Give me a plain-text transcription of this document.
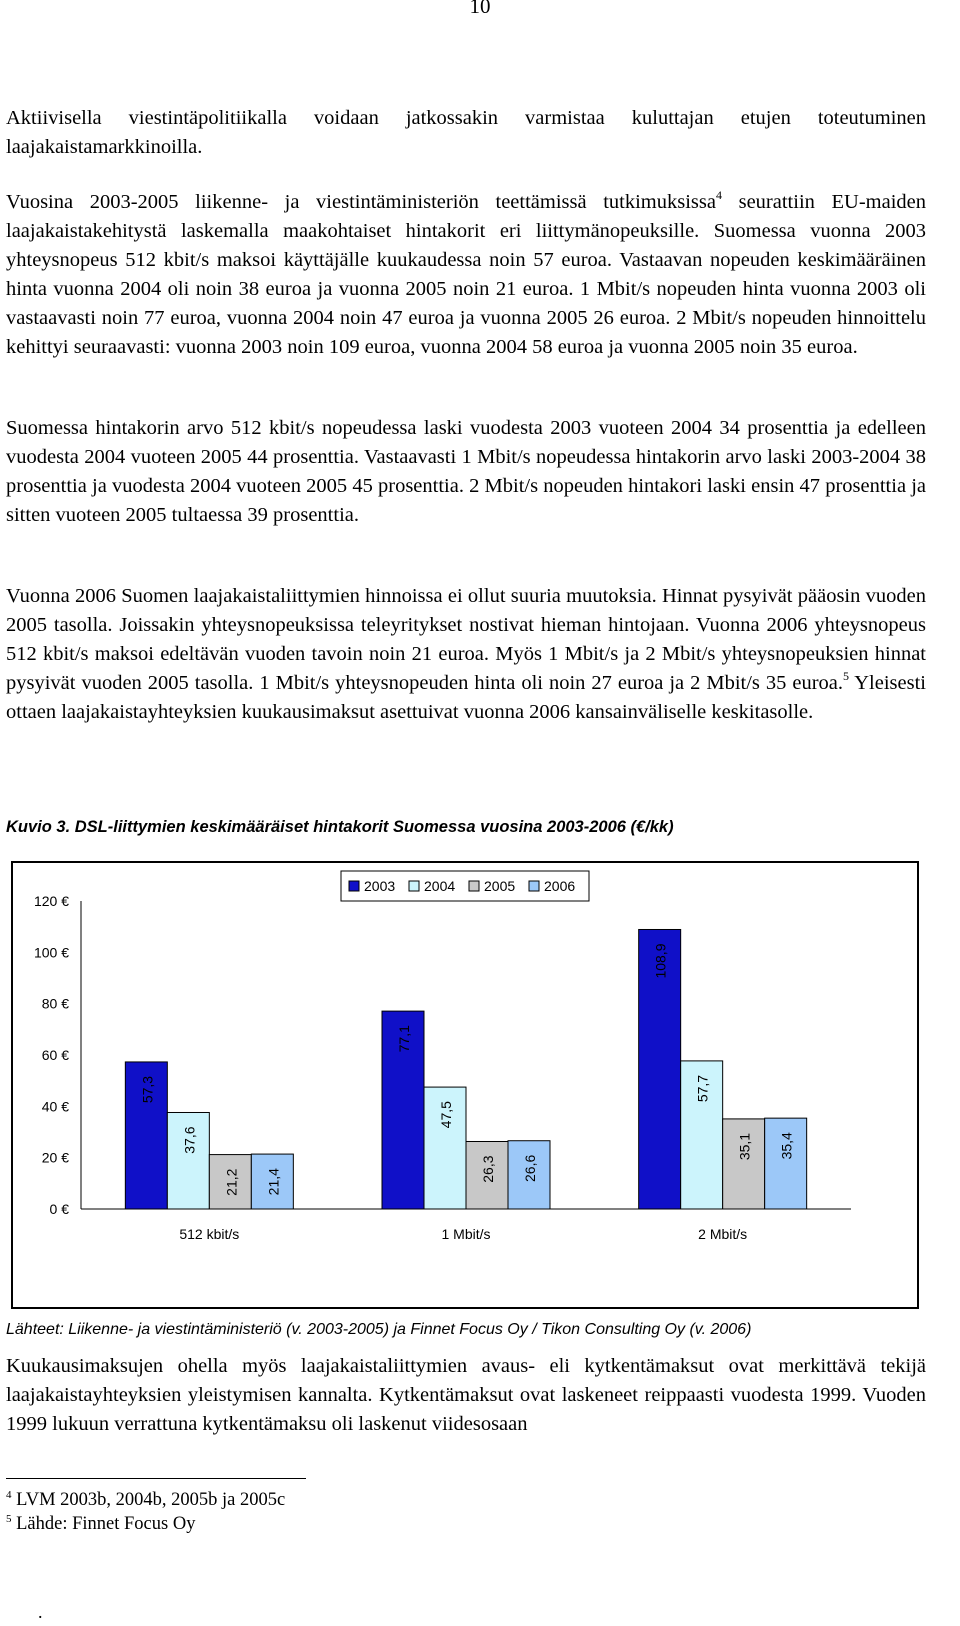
10

Aktiivisella viestintäpolitiikalla voidaan jatkossakin varmistaa kuluttajan etujen toteutuminen laajakaistamarkkinoilla.

Vuosina 2003-2005 liikenne- ja viestintäministeriön teettämissä tutkimuksissa$^4$ seurattiin EU-maiden laajakaistakehitystä laskemalla maakohtaiset hintakorit eri liittymänopeuksille. Suomessa vuonna 2003 yhteysnopeus 512 kbit/s maksoi käyttäjälle kuukaudessa noin 57 euroa. Vastaavan nopeuden keskimääräinen hinta vuonna 2004 oli noin 38 euroa ja vuonna 2005 noin 21 euroa. 1 Mbit/s nopeuden hinta vuonna 2003 oli vastaavasti noin 77 euroa, vuonna 2004 noin 47 euroa ja vuonna 2005 26 euroa. 2 Mbit/s nopeuden hinnoittelu kehittyi seuraavasti: vuonna 2003 noin 109 euroa, vuonna 2004 58 euroa ja vuonna 2005 noin 35 euroa.

Suomessa hintakorin arvo 512 kbit/s nopeudessa laski vuodesta 2003 vuoteen 2004 34 prosenttia ja edelleen vuodesta 2004 vuoteen 2005 44 prosenttia. Vastaavasti 1 Mbit/s nopeudessa hintakorin arvo laski 2003-2004 38 prosenttia ja vuodesta 2004 vuoteen 2005 45 prosenttia. 2 Mbit/s nopeuden hintakori laski ensin 47 prosenttia ja sitten vuoteen 2005 tultaessa 39 prosenttia.

Vuonna 2006 Suomen laajakaistaliittymien hinnoissa ei ollut suuria muutoksia. Hinnat pysyivät pääosin vuoden 2005 tasolla. Joissakin yhteysnopeuksissa teleyritykset nostivat hieman hintojaan. Vuonna 2006 yhteysnopeus 512 kbit/s maksoi edeltävän vuoden tavoin noin 21 euroa. Myös 1 Mbit/s ja 2 Mbit/s yhteysnopeuksien hinnat pysyivät vuoden 2005 tasolla. 1 Mbit/s yhteysnopeuden hinta oli noin 27 euroa ja 2 Mbit/s 35 euroa.$^5$ Yleisesti ottaen laajakaistayhteyksien kuukausimaksut asettuivat vuonna 2006 kansainväliselle keskitasolle.

Kuvio 3. DSL-liittymien keskimääräiset hintakorit Suomessa vuosina 2003-2006 (€/kk)
2003 2004 2005 2006
0 €
20 €
40 €
60 €
80 €
100 €
120 €
57,3
37,6
21,2 21,4
77,1
47,5
26,3 26,6
108,9
57,7
35,1 35,4
512 kbit/s	1 Mbit/s	2 Mbit/s
Lähteet: Liikenne- ja viestintäministeriö (v. 2003-2005) ja Finnet Focus Oy / Tikon Consulting Oy (v. 2006)

Kuukausimaksujen ohella myös laajakaistaliittymien avaus- eli kytkentämaksut ovat merkittävä tekijä laajakaistayhteyksien yleistymisen kannalta. Kytkentämaksut ovat laskeneet reippaasti vuodesta 1999. Vuoden 1999 lukuun verrattuna kytkentämaksu oli laskenut viidesosaan

$^4$ LVM 2003b, 2004b, 2005b ja 2005c
$^5$ Lähde: Finnet Focus Oy
.
